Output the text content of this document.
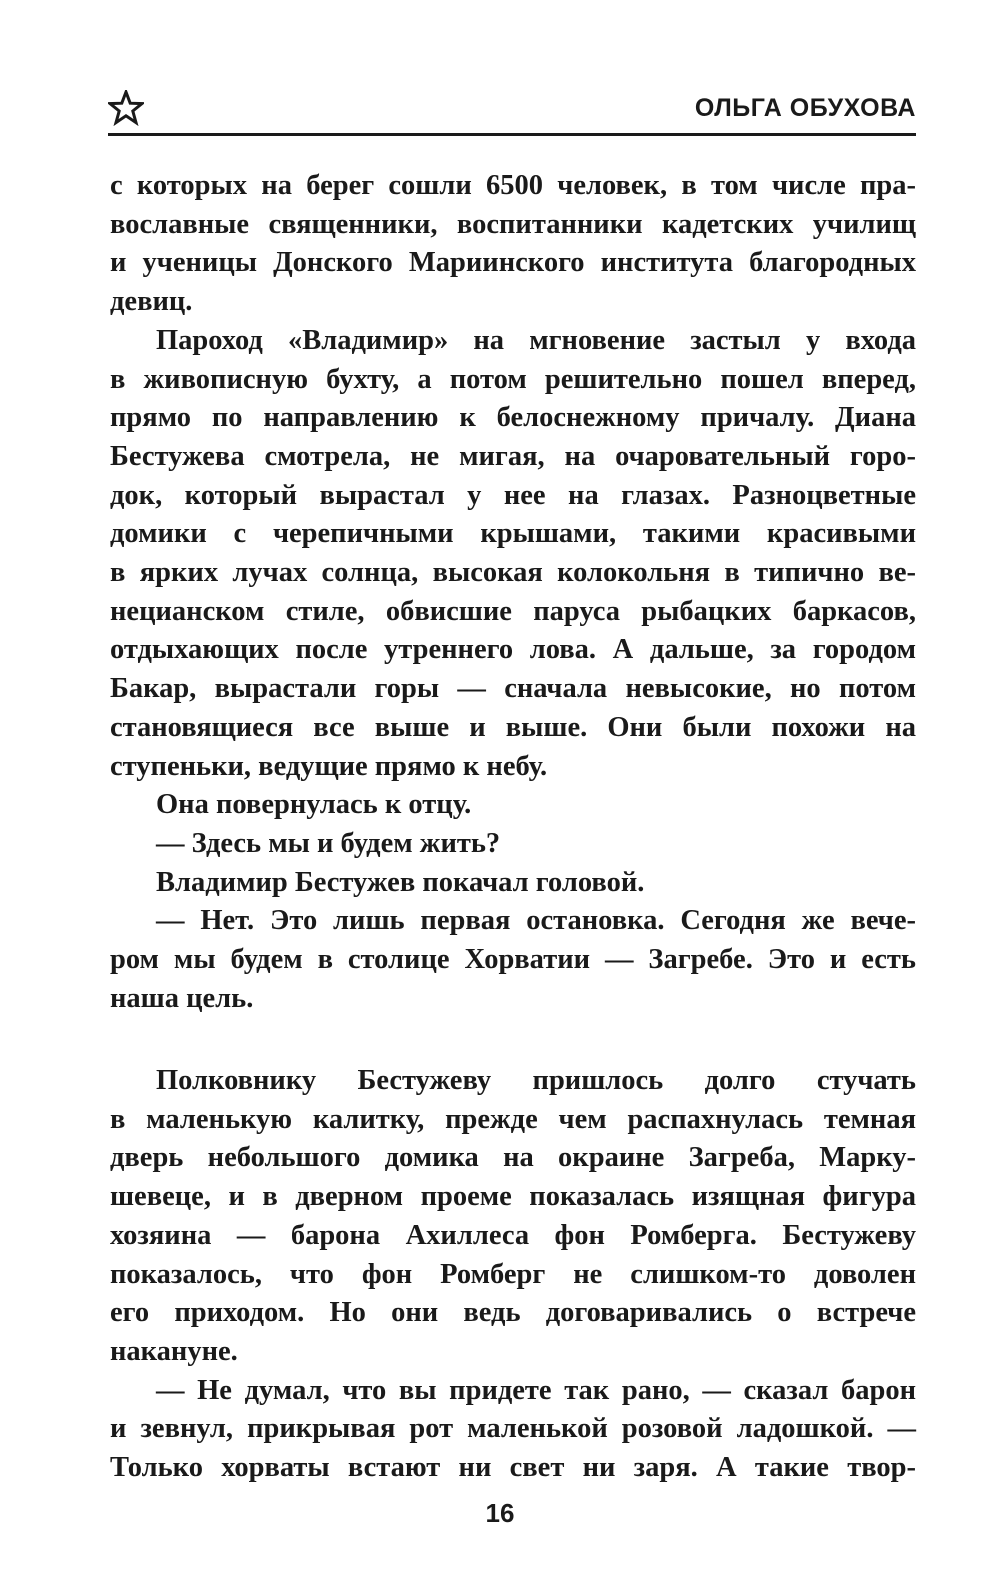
ОЛЬГА ОБУХОВА

с которых на берег сошли 6500 человек, в том числе пра-

вославные священники, воспитанники кадетских училищ

и ученицы Донского Мариинского института благородных

девиц.

Пароход «Владимир» на мгновение застыл у входа

в живописную бухту, а потом решительно пошел вперед,

прямо по направлению к белоснежному причалу. Диана

Бестужева смотрела, не мигая, на очаровательный горо-

док, который вырастал у нее на глазах. Разноцветные

домики с черепичными крышами, такими красивыми

в ярких лучах солнца, высокая колокольня в типично ве-

нецианском стиле, обвисшие паруса рыбацких баркасов,

отдыхающих после утреннего лова. А дальше, за городом

Бакар, вырастали горы — сначала невысокие, но потом

становящиеся все выше и выше. Они были похожи на

ступеньки, ведущие прямо к небу.

Она повернулась к отцу.

— Здесь мы и будем жить?

Владимир Бестужев покачал головой.

— Нет. Это лишь первая остановка. Сегодня же вече-

ром мы будем в столице Хорватии — Загребе. Это и есть

наша цель.

Полковнику Бестужеву пришлось долго стучать

в маленькую калитку, прежде чем распахнулась темная

дверь небольшого домика на окраине Загреба, Марку-

шевеце, и в дверном проеме показалась изящная фигура

хозяина — барона Ахиллеса фон Ромберга. Бестужеву

показалось, что фон Ромберг не слишком-то доволен

его приходом. Но они ведь договаривались о встрече

накануне.

— Не думал, что вы придете так рано, — сказал барон

и зевнул, прикрывая рот маленькой розовой ладошкой. —

Только хорваты встают ни свет ни заря. А такие твор-

16
